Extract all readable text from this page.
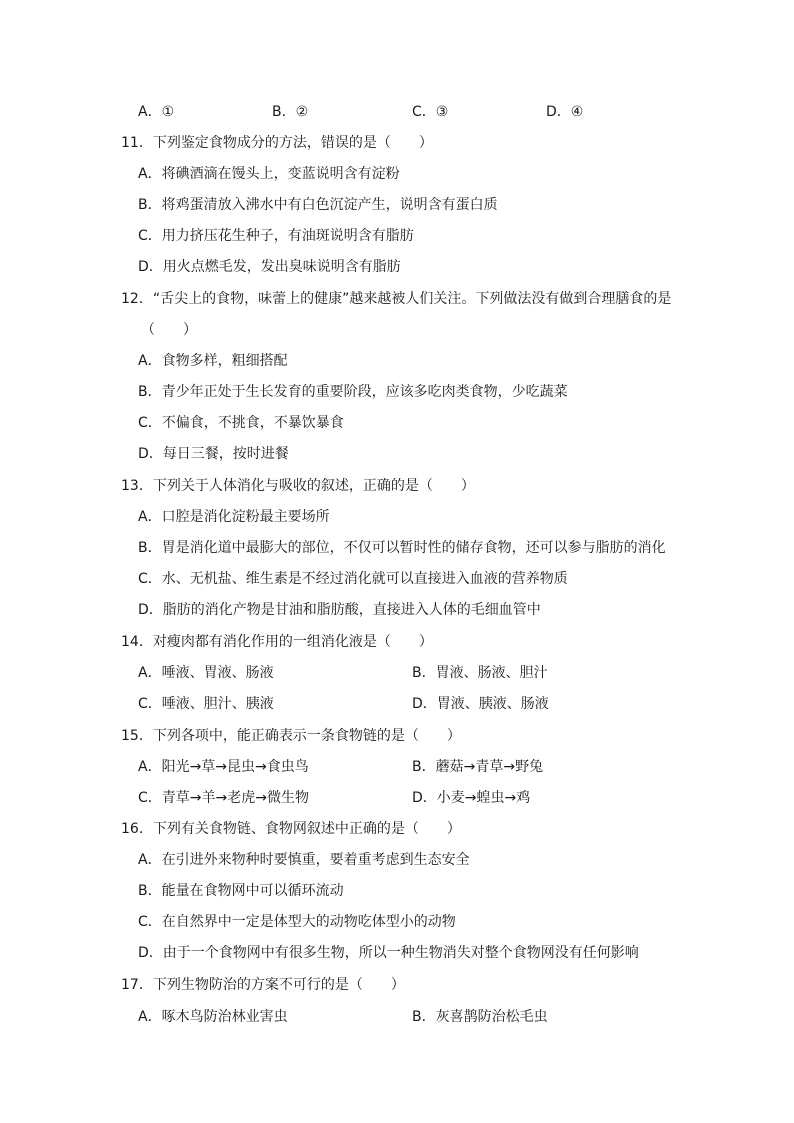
A．①	B．②	C．③	D．④
11．下列鉴定食物成分的方法，错误的是（　　）
A．将碘酒滴在馒头上，变蓝说明含有淀粉
B．将鸡蛋清放入沸水中有白色沉淀产生，说明含有蛋白质
C．用力挤压花生种子，有油斑说明含有脂肪
D．用火点燃毛发，发出臭味说明含有脂肪
12．“舌尖上的食物，味蕾上的健康”越来越被人们关注。下列做法没有做到合理膳食的是
（　　）
A．食物多样，粗细搭配
B．青少年正处于生长发育的重要阶段，应该多吃肉类食物，少吃蔬菜
C．不偏食，不挑食，不暴饮暴食
D．每日三餐，按时进餐
13．下列关于人体消化与吸收的叙述，正确的是（　　）
A．口腔是消化淀粉最主要场所
B．胃是消化道中最膨大的部位，不仅可以暂时性的储存食物，还可以参与脂肪的消化
C．水、无机盐、维生素是不经过消化就可以直接进入血液的营养物质
D．脂肪的消化产物是甘油和脂肪酸，直接进入人体的毛细血管中
14．对瘦肉都有消化作用的一组消化液是（　　）
A．唾液、胃液、肠液	B．胃液、肠液、胆汁
C．唾液、胆汁、胰液	D．胃液、胰液、肠液
15．下列各项中，能正确表示一条食物链的是（　　）
A．阳光→草→昆虫→食虫鸟	B．蘑菇→青草→野兔
C．青草→羊→老虎→微生物	D．小麦→蝗虫→鸡
16．下列有关食物链、食物网叙述中正确的是（　　）
A．在引进外来物种时要慎重，要着重考虑到生态安全
B．能量在食物网中可以循环流动
C．在自然界中一定是体型大的动物吃体型小的动物
D．由于一个食物网中有很多生物，所以一种生物消失对整个食物网没有任何影响
17．下列生物防治的方案不可行的是（　　）
A．啄木鸟防治林业害虫	B．灰喜鹊防治松毛虫
